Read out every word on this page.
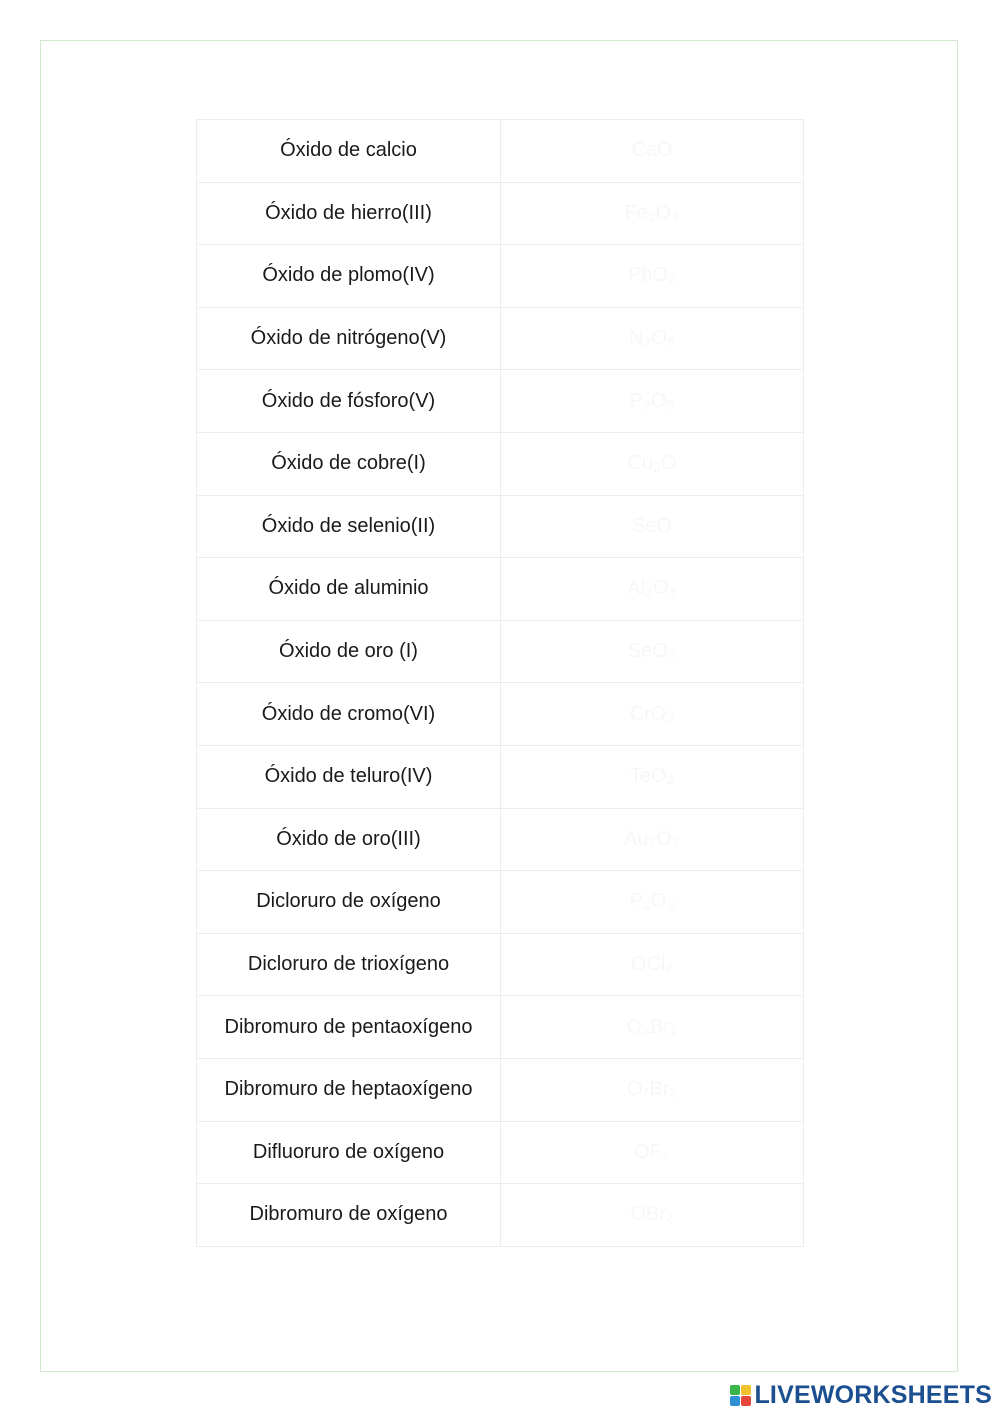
Óxido de calcio	CaO
Óxido de hierro(III)	Fe₂O₃
Óxido de plomo(IV)	PbO₂
Óxido de nitrógeno(V)	N₂O₅
Óxido de fósforo(V)	P₂O₅
Óxido de cobre(I)	Cu₂O
Óxido de selenio(II)	SeO
Óxido de aluminio	Al₂O₃
Óxido de oro (I)	SeO₃
Óxido de cromo(VI)	CrO₃
Óxido de teluro(IV)	TeO₂
Óxido de oro(III)	Au₂O₃
Dicloruro de oxígeno	P₂O₃
Dicloruro de trioxígeno	OCl₂
Dibromuro de pentaoxígeno	O₅Br₂
Dibromuro de heptaoxígeno	O₇Br₂
Difluoruro de oxígeno	OF₂
Dibromuro de oxígeno	OBr₂
LIVEWORKSHEETS
